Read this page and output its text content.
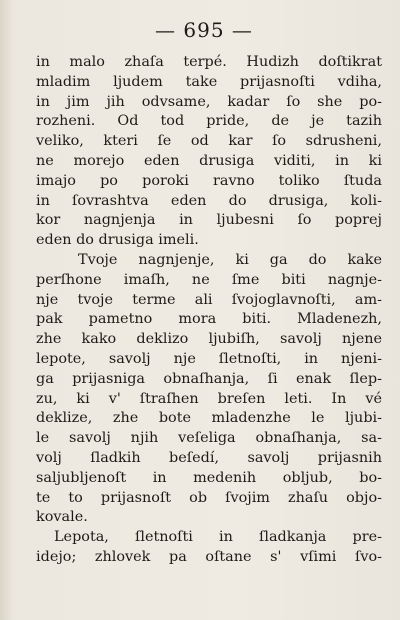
— 695 —
in malo zhaſa terpé. Hudizh doſtikrat
mladim ljudem take prijasnoſti vdiha,
in jim jih odvsame, kadar ſo she po-
rozheni. Od tod pride, de je tazih
veliko, kteri ſe od kar ſo sdrusheni,
ne morejo eden drusiga viditi, in ki
imajo po poroki ravno toliko ſtuda
in ſovrashtva eden do drusiga, koli-
kor nagnjenja in ljubesni ſo poprej
eden do drusiga imeli.
Tvoje nagnjenje, ki ga do kake
perſhone imaſh, ne ſme biti nagnje-
nje tvoje terme ali ſvojoglavnoſti, am-
pak pametno mora biti. Mladenezh,
zhe kako deklizo ljubiſh, savolj njene
lepote, savolj nje ſletnoſti, in njeni-
ga prijasniga obnaſhanja, ſi enak ſlep-
zu, ki v' ſtraſhen breſen leti. In vé
deklize, zhe bote mladenzhe le ljubi-
le savolj njih veſeliga obnaſhanja, sa-
volj ſladkih beſedí, savolj prijasnih
saljubljenoſt in medenih obljub, bo-
te to prijasnoſt ob ſvojim zhaſu objo-
kovale.
Lepota, ſletnoſti in ſladkanja pre-
idejo; zhlovek pa oſtane s' vſimi ſvo-
